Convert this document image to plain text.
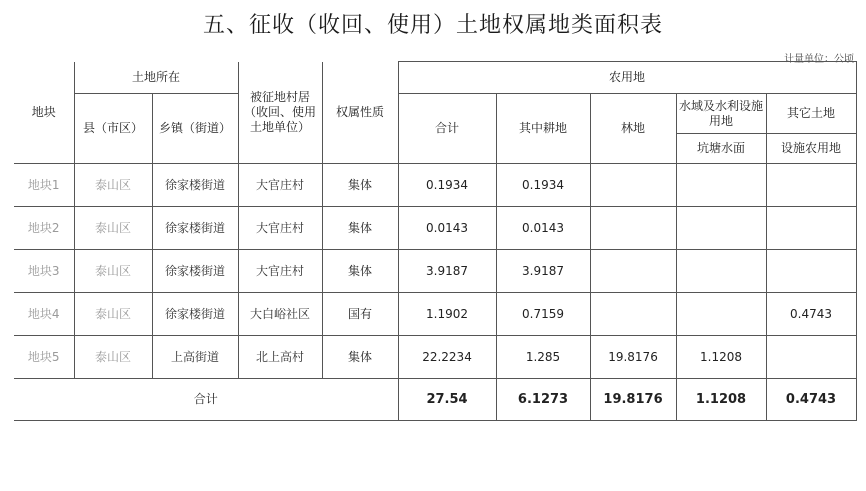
五、征收（收回、使用）土地权属地类面积表
计量单位：公顷
地块	土地所在		被征地村居（收回、使用土地单位）	权属性质	农用地				
	县（市区）	乡镇（街道）			合计	其中耕地	林地	水域及水利设施用地	其它土地
								坑塘水面	设施农用地
地块1	泰山区	徐家楼街道	大官庄村	集体	0.1934	0.1934			
地块2	泰山区	徐家楼街道	大官庄村	集体	0.0143	0.0143			
地块3	泰山区	徐家楼街道	大官庄村	集体	3.9187	3.9187			
地块4	泰山区	徐家楼街道	大白峪社区	国有	1.1902	0.7159			0.4743
地块5	泰山区	上高街道	北上高村	集体	22.2234	1.285	19.8176	1.1208	
合计					27.54	6.1273	19.8176	1.1208	0.4743
